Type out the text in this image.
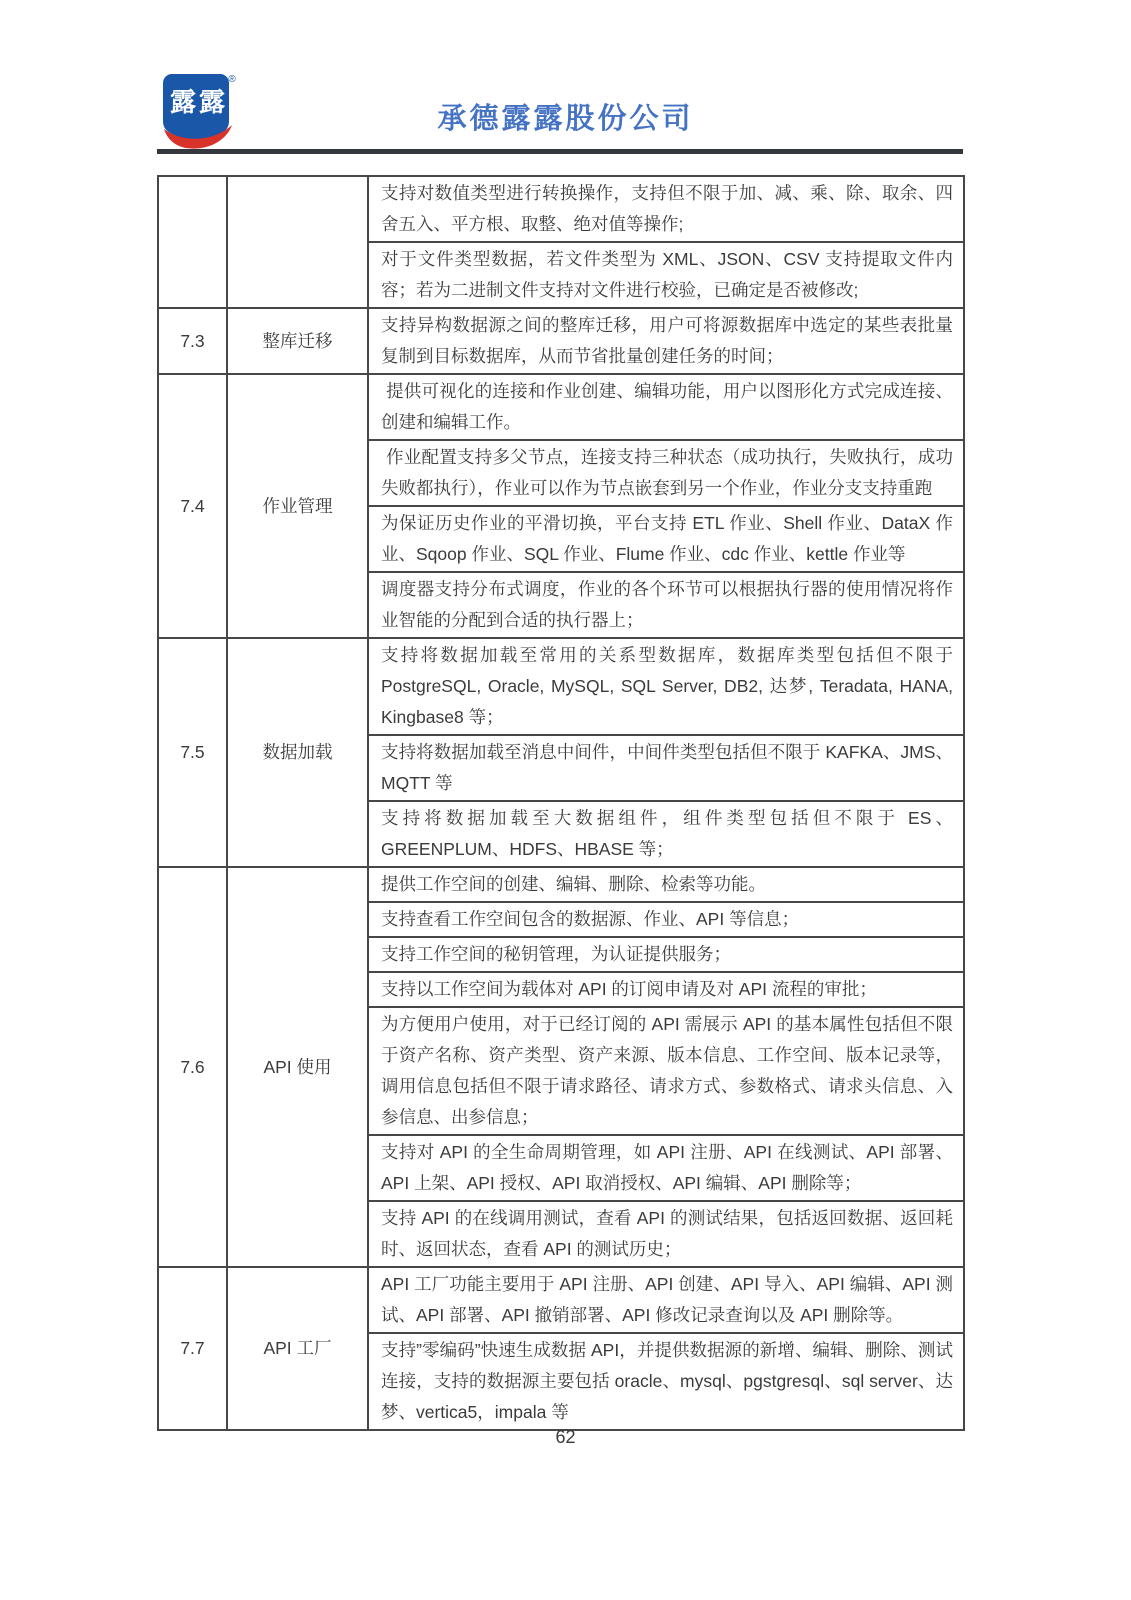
露露
®
承德露露股份公司
		支持对数值类型进行转换操作，支持但不限于加、减、乘、除、取余、四舍五入、平方根、取整、绝对值等操作;
		对于文件类型数据，若文件类型为 XML、JSON、CSV 支持提取文件内容；若为二进制文件支持对文件进行校验，已确定是否被修改;
7.3	整库迁移	支持异构数据源之间的整库迁移，用户可将源数据库中选定的某些表批量复制到目标数据库，从而节省批量创建任务的时间；
7.4	作业管理	提供可视化的连接和作业创建、编辑功能，用户以图形化方式完成连接、创建和编辑工作。
		作业配置支持多父节点，连接支持三种状态（成功执行，失败执行，成功失败都执行），作业可以作为节点嵌套到另一个作业，作业分支支持重跑
		为保证历史作业的平滑切换，平台支持 ETL 作业、Shell 作业、DataX 作业、Sqoop 作业、SQL 作业、Flume 作业、cdc 作业、kettle 作业等
		调度器支持分布式调度，作业的各个环节可以根据执行器的使用情况将作业智能的分配到合适的执行器上；
7.5	数据加载	支持将数据加载至常用的关系型数据库，数据库类型包括但不限于 PostgreSQL, Oracle, MySQL, SQL Server, DB2, 达梦, Teradata, HANA, Kingbase8 等；
		支持将数据加载至消息中间件，中间件类型包括但不限于 KAFKA、JMS、MQTT 等
		支持将数据加载至大数据组件，组件类型包括但不限于 ES、GREENPLUM、HDFS、HBASE 等；
7.6	API 使用	提供工作空间的创建、编辑、删除、检索等功能。
		支持查看工作空间包含的数据源、作业、API 等信息；
		支持工作空间的秘钥管理，为认证提供服务；
		支持以工作空间为载体对 API 的订阅申请及对 API 流程的审批；
		为方便用户使用，对于已经订阅的 API 需展示 API 的基本属性包括但不限于资产名称、资产类型、资产来源、版本信息、工作空间、版本记录等，调用信息包括但不限于请求路径、请求方式、参数格式、请求头信息、入参信息、出参信息；
		支持对 API 的全生命周期管理，如 API 注册、API 在线测试、API 部署、API 上架、API 授权、API 取消授权、API 编辑、API 删除等；
		支持 API 的在线调用测试，查看 API 的测试结果，包括返回数据、返回耗时、返回状态，查看 API 的测试历史；
7.7	API 工厂	API 工厂功能主要用于 API 注册、API 创建、API 导入、API 编辑、API 测试、API 部署、API 撤销部署、API 修改记录查询以及 API 删除等。
		支持”零编码”快速生成数据 API，并提供数据源的新增、编辑、删除、测试连接，支持的数据源主要包括 oracle、mysql、pgstgresql、sql server、达梦、vertica5，impala 等
62
